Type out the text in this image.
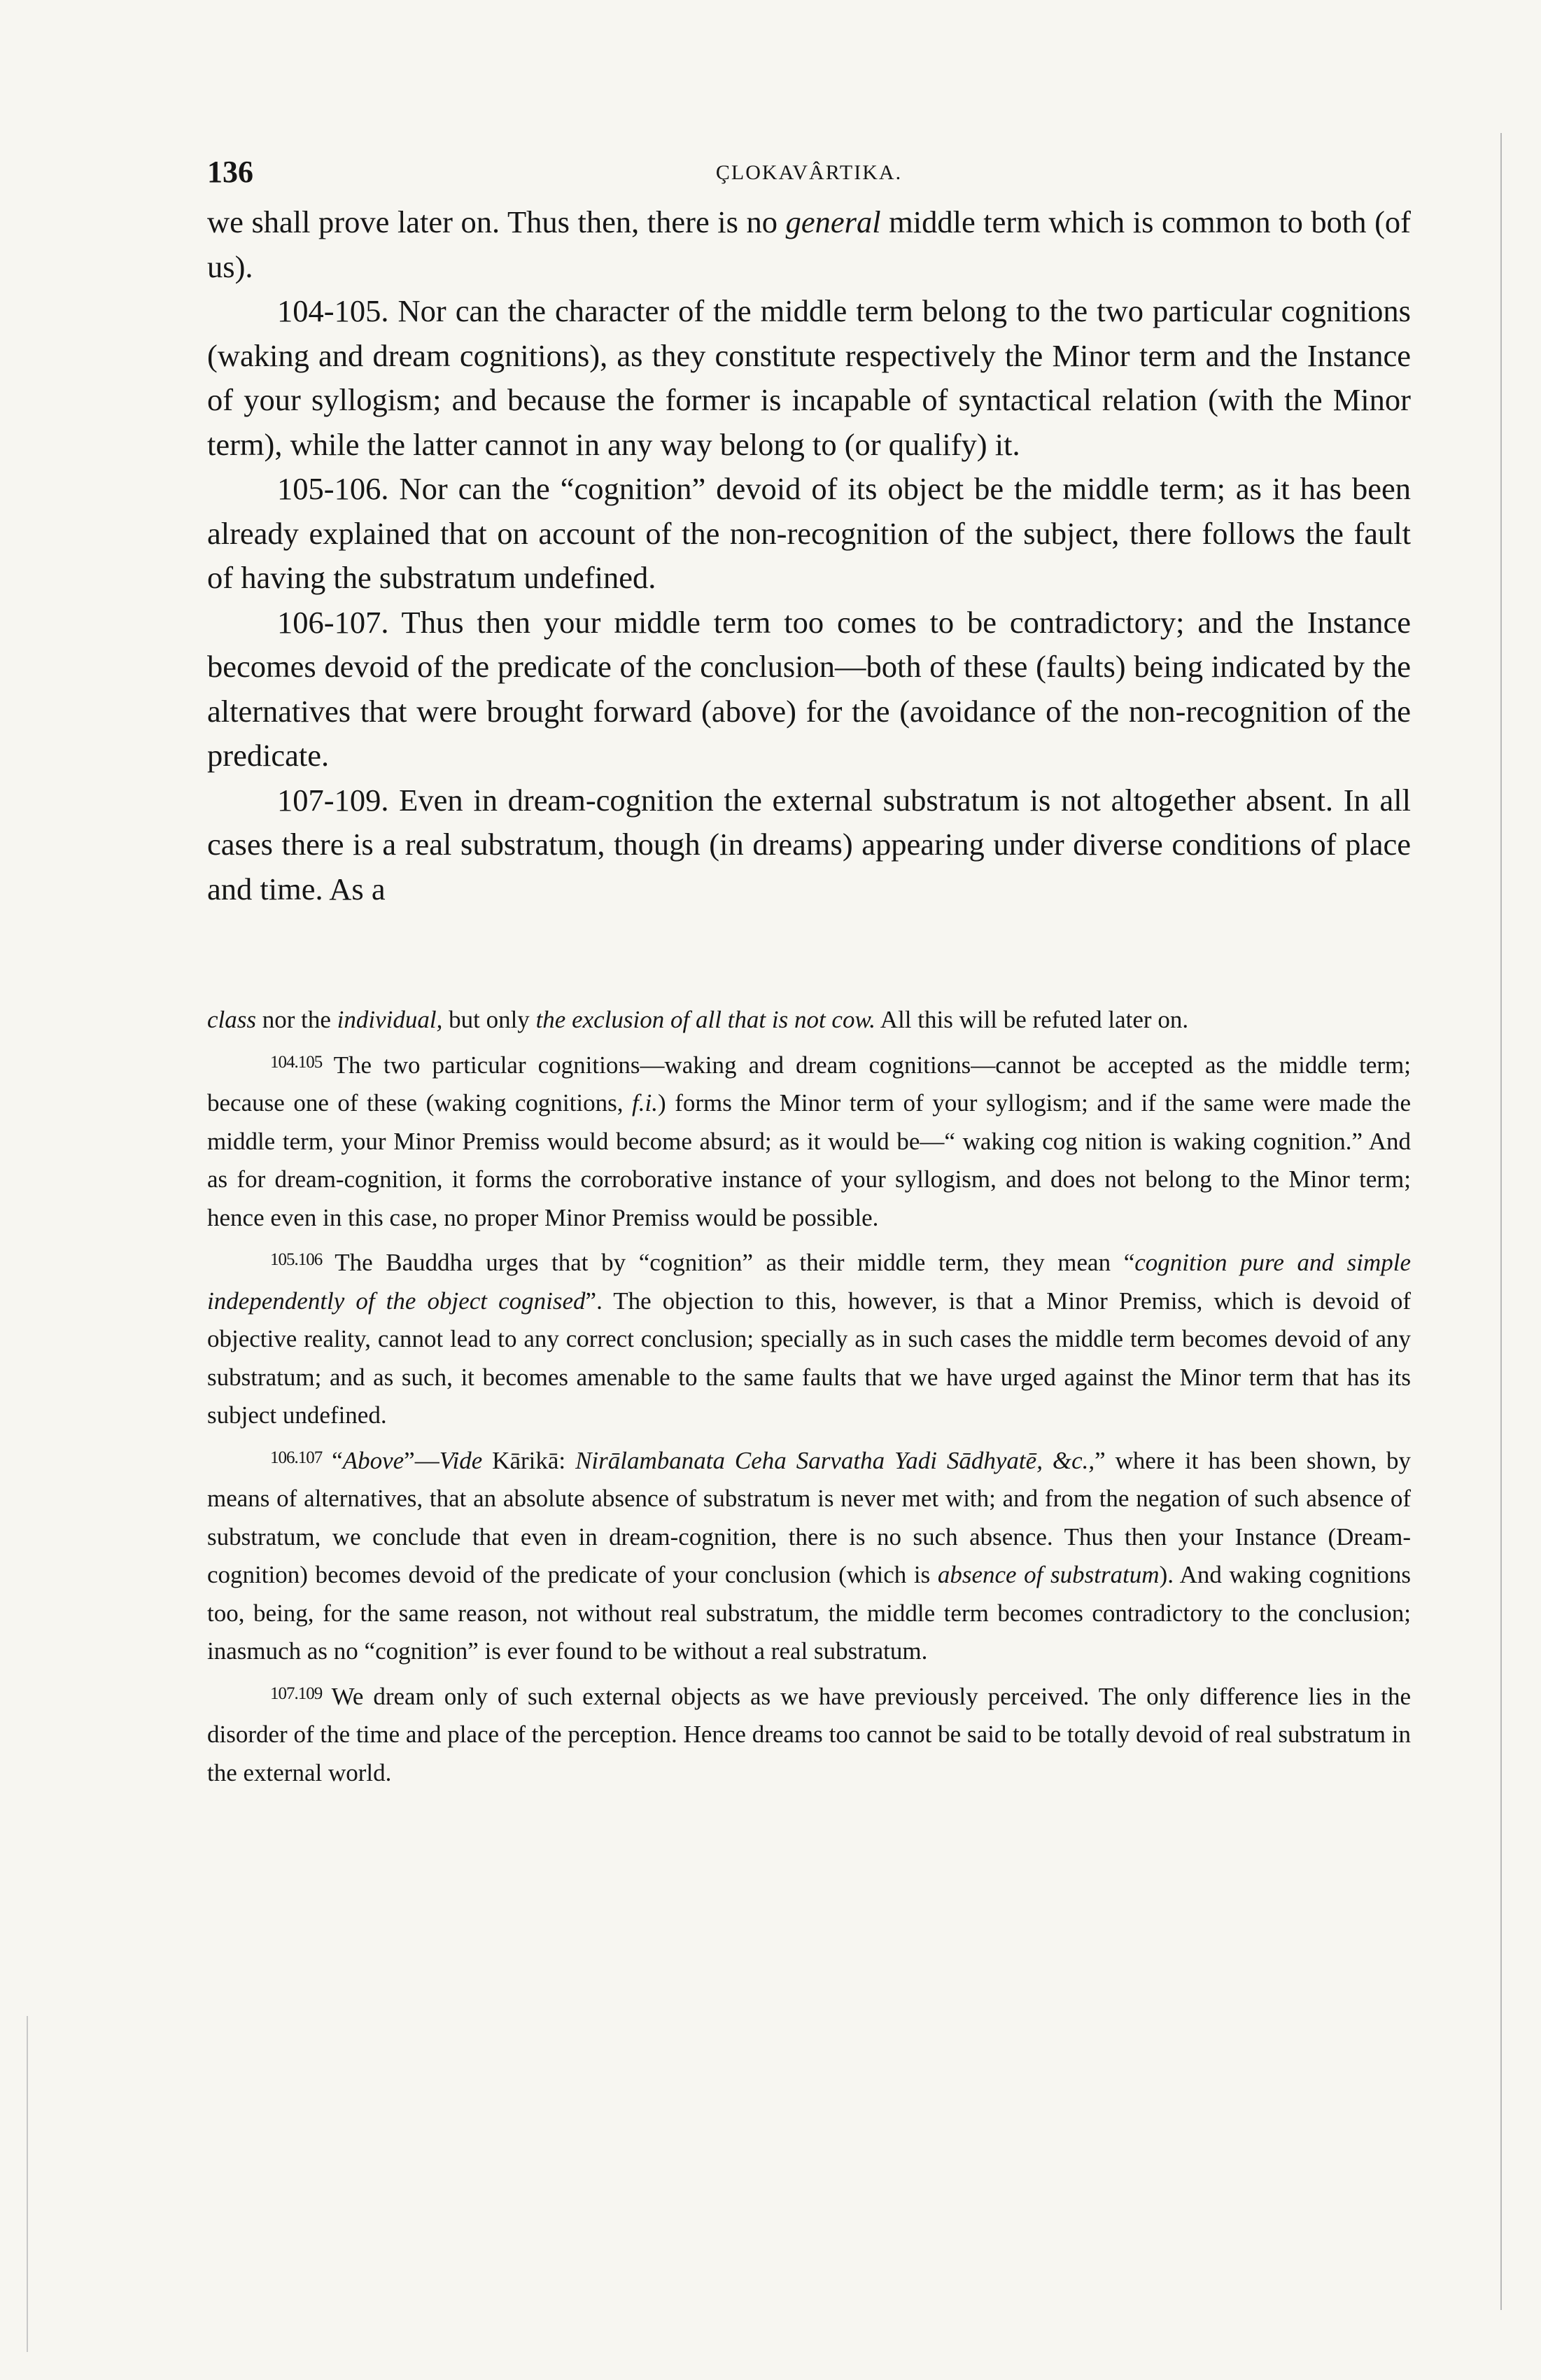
136	ÇLOKAVÂRTIKA.

we shall prove later on. Thus then, there is no general middle term which is common to both (of us).

104-105. Nor can the character of the middle term belong to the two particular cognitions (waking and dream cognitions), as they constitute respectively the Minor term and the Instance of your syllogism; and because the former is incapable of syntactical relation (with the Minor term), while the latter cannot in any way belong to (or qualify) it.

105-106. Nor can the “cognition” devoid of its object be the middle term; as it has been already explained that on account of the non-recognition of the subject, there follows the fault of having the substratum undefined.

106-107. Thus then your middle term too comes to be contradictory; and the Instance becomes devoid of the predicate of the conclusion—both of these (faults) being indicated by the alternatives that were brought forward (above) for the (avoidance of the non-recognition of the predicate.

107-109. Even in dream-cognition the external substratum is not altogether absent. In all cases there is a real substratum, though (in dreams) appearing under diverse conditions of place and time. As a

class nor the individual, but only the exclusion of all that is not cow. All this will be refuted later on.

$^{104.105}$ The two particular cognitions—waking and dream cognitions—cannot be accepted as the middle term; because one of these (waking cognitions, f.i.) forms the Minor term of your syllogism; and if the same were made the middle term, your Minor Premiss would become absurd; as it would be—“ waking cog nition is waking cognition.” And as for dream-cognition, it forms the corroborative instance of your syllogism, and does not belong to the Minor term; hence even in this case, no proper Minor Premiss would be possible.

$^{105.106}$ The Bauddha urges that by “cognition” as their middle term, they mean “cognition pure and simple independently of the object cognised”. The objection to this, however, is that a Minor Premiss, which is devoid of objective reality, cannot lead to any correct conclusion; specially as in such cases the middle term becomes devoid of any substratum; and as such, it becomes amenable to the same faults that we have urged against the Minor term that has its subject undefined.

$^{106.107}$ “Above”—Vide Kārikā: Nirālambanata Ceha Sarvatha Yadi Sādhyatē, &c.,” where it has been shown, by means of alternatives, that an absolute absence of substratum is never met with; and from the negation of such absence of substratum, we conclude that even in dream-cognition, there is no such absence. Thus then your Instance (Dream-cognition) becomes devoid of the predicate of your conclusion (which is absence of substratum). And waking cognitions too, being, for the same reason, not without real substratum, the middle term becomes contradictory to the conclusion; inasmuch as no “cognition” is ever found to be without a real substratum.

$^{107.109}$ We dream only of such external objects as we have previously perceived. The only difference lies in the disorder of the time and place of the perception. Hence dreams too cannot be said to be totally devoid of real substratum in the external world.
